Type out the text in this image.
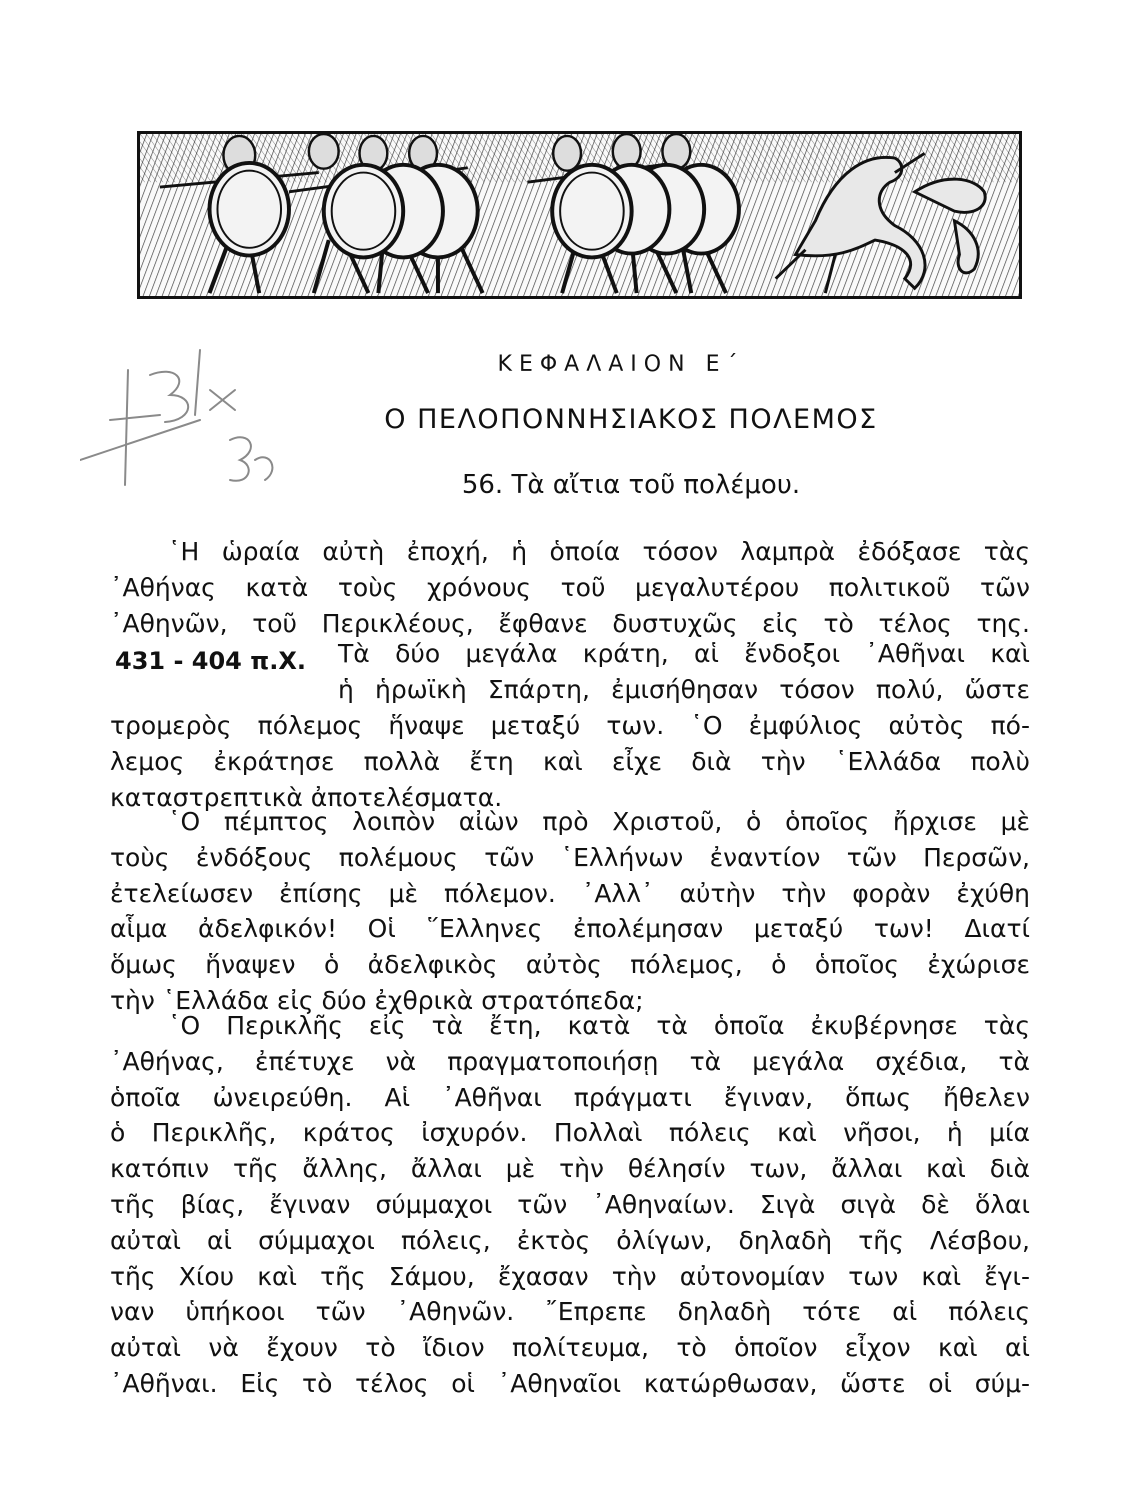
ΚΕΦΑΛΑΙΟΝ Ε΄
Ο ΠΕΛΟΠΟΝΝΗΣΙΑΚΟΣ ΠΟΛΕΜΟΣ
56. Τὰ αἴτια τοῦ πολέμου.
῾Η ὡραία αὐτὴ ἐποχή, ἡ ὁποία τόσον λαμπρὰ ἐδόξασε τὰς
᾿Αθήνας κατὰ τοὺς χρόνους τοῦ μεγαλυτέρου πολιτικοῦ τῶν
᾿Αθηνῶν, τοῦ Περικλέους, ἔφθανε δυστυχῶς εἰς τὸ τέλος της.
431 - 404 π.Χ. Τὰ δύο μεγάλα κράτη, αἱ ἔνδοξοι ᾿Αθῆναι καὶ
ἡ ἡρωϊκὴ Σπάρτη, ἐμισήθησαν τόσον πολύ, ὥστε
τρομερὸς πόλεμος ἥναψε μεταξύ των. ῾Ο ἐμφύλιος αὐτὸς πό-
λεμος ἐκράτησε πολλὰ ἔτη καὶ εἶχε διὰ τὴν ῾Ελλάδα πολὺ
καταστρεπτικὰ ἀποτελέσματα.
῾Ο πέμπτος λοιπὸν αἰὼν πρὸ Χριστοῦ, ὁ ὁποῖος ἤρχισε μὲ
τοὺς ἐνδόξους πολέμους τῶν ῾Ελλήνων ἐναντίον τῶν Περσῶν,
ἐτελείωσεν ἐπίσης μὲ πόλεμον. ᾿Αλλ᾿ αὐτὴν τὴν φορὰν ἐχύθη
αἷμα ἀδελφικόν! Οἱ ῞Ελληνες ἐπολέμησαν μεταξύ των! Διατί
ὅμως ἥναψεν ὁ ἀδελφικὸς αὐτὸς πόλεμος, ὁ ὁποῖος ἐχώρισε
τὴν ῾Ελλάδα εἰς δύο ἐχθρικὰ στρατόπεδα;
῾Ο Περικλῆς εἰς τὰ ἔτη, κατὰ τὰ ὁποῖα ἐκυβέρνησε τὰς
᾿Αθήνας, ἐπέτυχε νὰ πραγματοποιήσῃ τὰ μεγάλα σχέδια, τὰ
ὁποῖα ὠνειρεύθη. Αἱ ᾿Αθῆναι πράγματι ἔγιναν, ὅπως ἤθελεν
ὁ Περικλῆς, κράτος ἰσχυρόν. Πολλαὶ πόλεις καὶ νῆσοι, ἡ μία
κατόπιν τῆς ἄλλης, ἄλλαι μὲ τὴν θέλησίν των, ἄλλαι καὶ διὰ
τῆς βίας, ἔγιναν σύμμαχοι τῶν ᾿Αθηναίων. Σιγὰ σιγὰ δὲ ὅλαι
αὐταὶ αἱ σύμμαχοι πόλεις, ἐκτὸς ὀλίγων, δηλαδὴ τῆς Λέσβου,
τῆς Χίου καὶ τῆς Σάμου, ἔχασαν τὴν αὐτονομίαν των καὶ ἔγι-
ναν ὑπήκοοι τῶν ᾿Αθηνῶν. ῎Επρεπε δηλαδὴ τότε αἱ πόλεις
αὐταὶ νὰ ἔχουν τὸ ἴδιον πολίτευμα, τὸ ὁποῖον εἶχον καὶ αἱ
᾿Αθῆναι. Εἰς τὸ τέλος οἱ ᾿Αθηναῖοι κατώρθωσαν, ὥστε οἱ σύμ-
